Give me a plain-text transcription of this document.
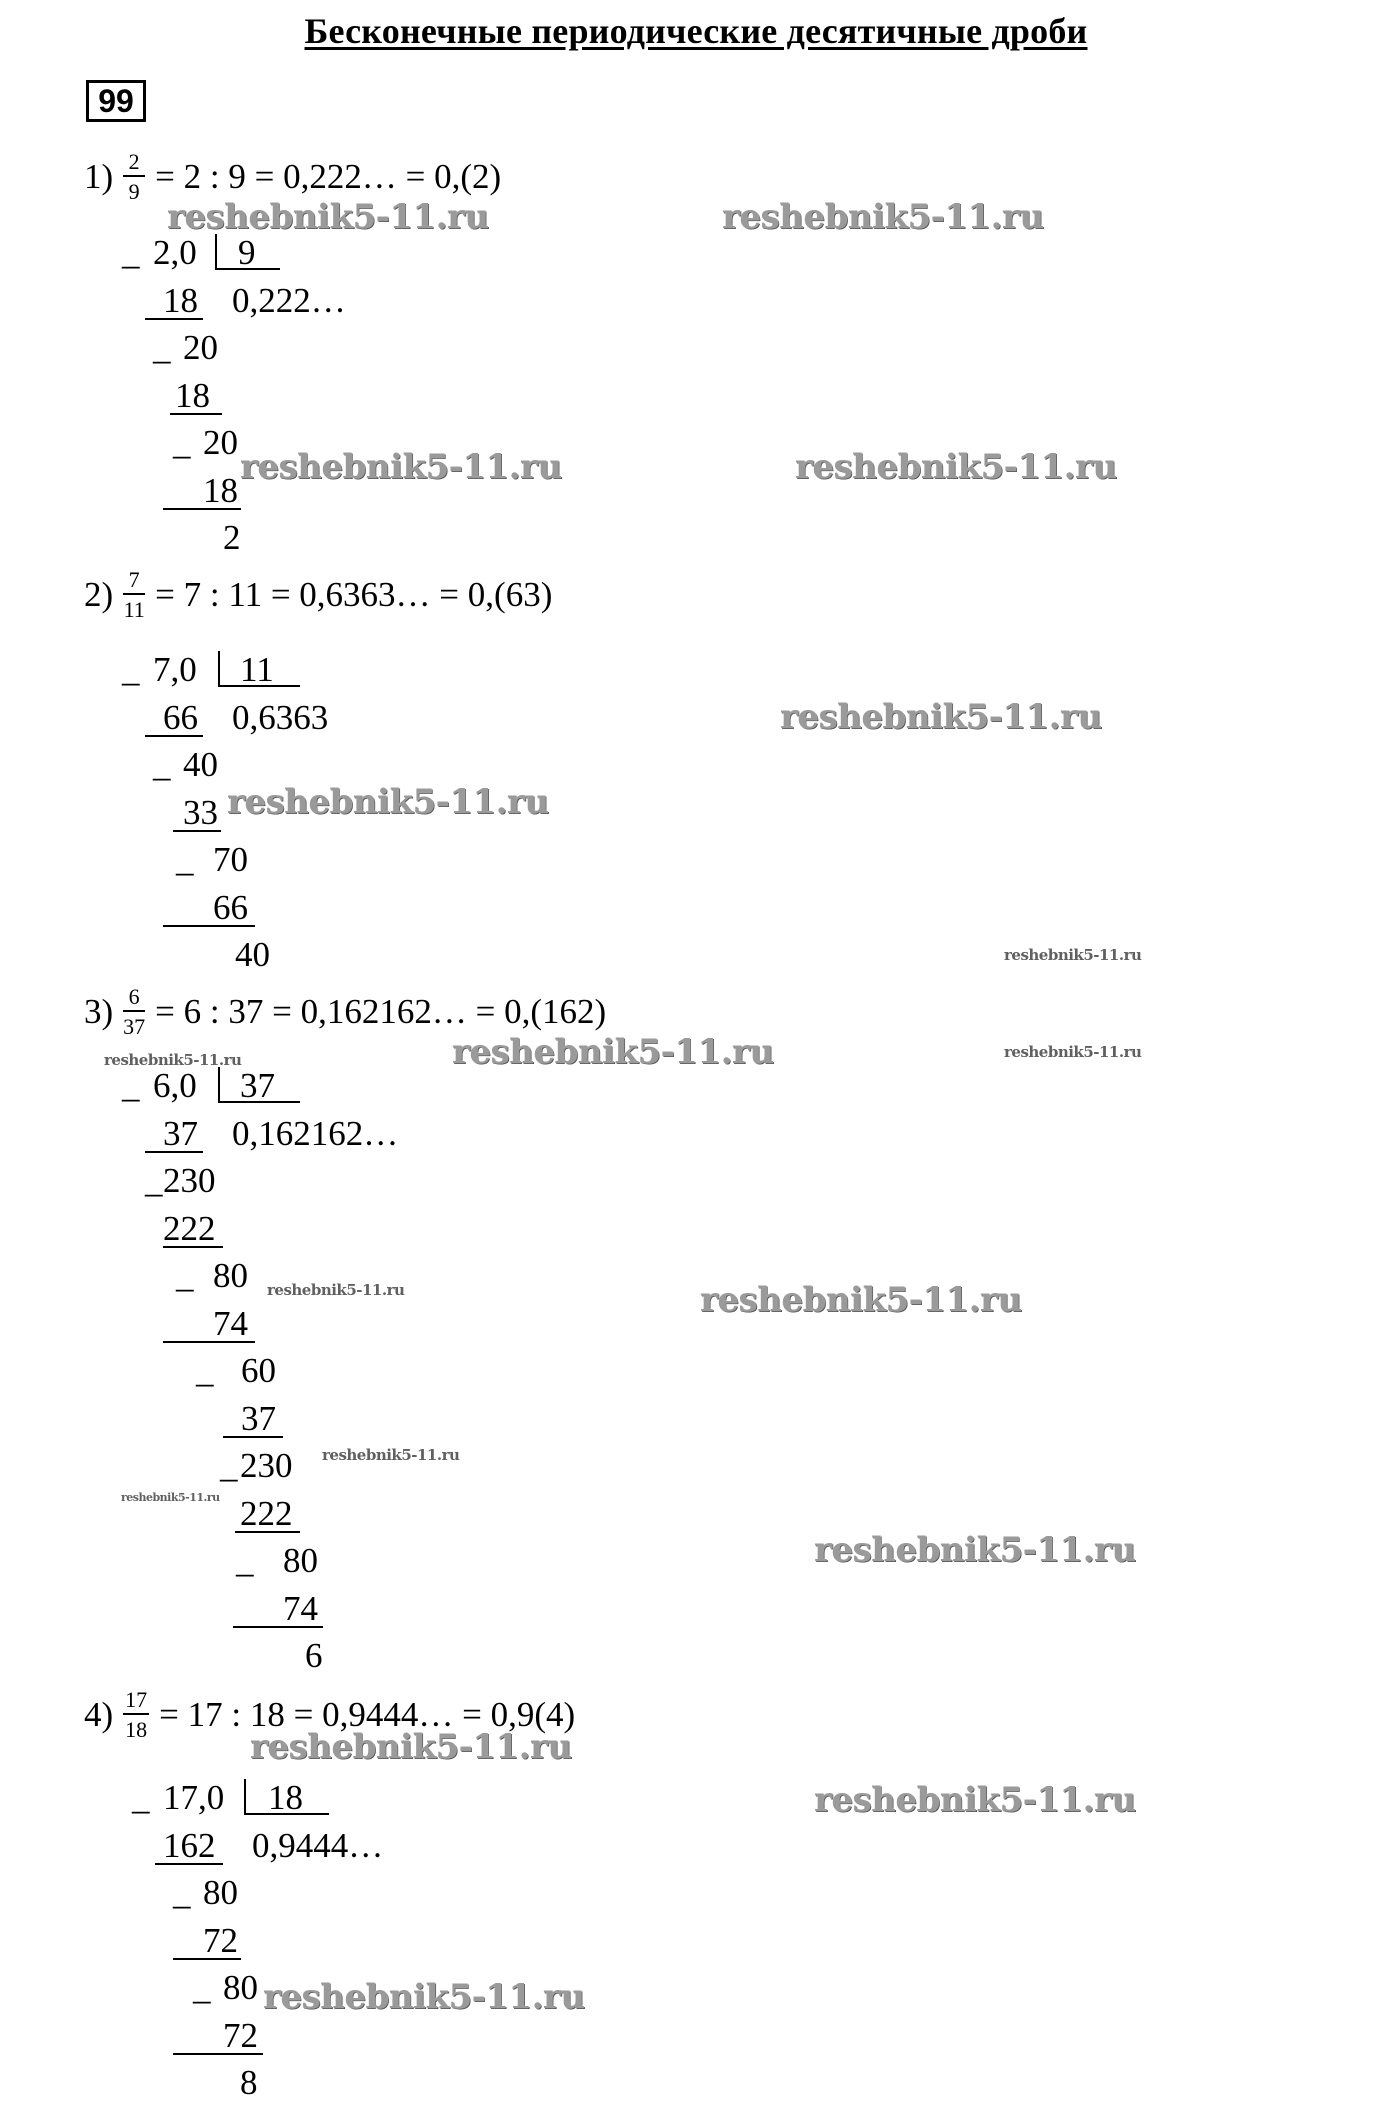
Бесконечные периодические десятичные дроби
99
$1) \frac{2}{9} = 2$ : 9 = 0,222… = 0,(2)
_ 2,0 9
0,222…
18
_ 20
18
_ 20
18
2
$2) \frac{7}{11} = 7$ : 11 = 0,6363… = 0,(63)
_ 7,0 11
0,6363
66
_ 40
33
_ 70
66
40
$3) \frac{6}{37} = 6$ : 37 = 0,162162… = 0,(162)
_ 6,0 37
0,162162…
37
_ 230
222
_ 80
74
_ 60
37
_ 230
222
_ 80
74
6
$4) \frac{17}{18} = 17$ : 18 = 0,9444… = 0,9(4)
_ 17,0 18
0,9444…
162
_ 80
72
_ 80
72
8
reshebnik5-11.ru	reshebnik5-11.ru
reshebnik5-11.ru	reshebnik5-11.ru
reshebnik5-11.ru
reshebnik5-11.ru
reshebnik5-11.ru
reshebnik5-11.ru
reshebnik5-11.ru	reshebnik5-11.ru
reshebnik5-11.ru
reshebnik5-11.ru
reshebnik5-11.ru
reshebnik5-11.ru
reshebnik5-11.ru
reshebnik5-11.ru
reshebnik5-11.ru
reshebnik5-11.ru
